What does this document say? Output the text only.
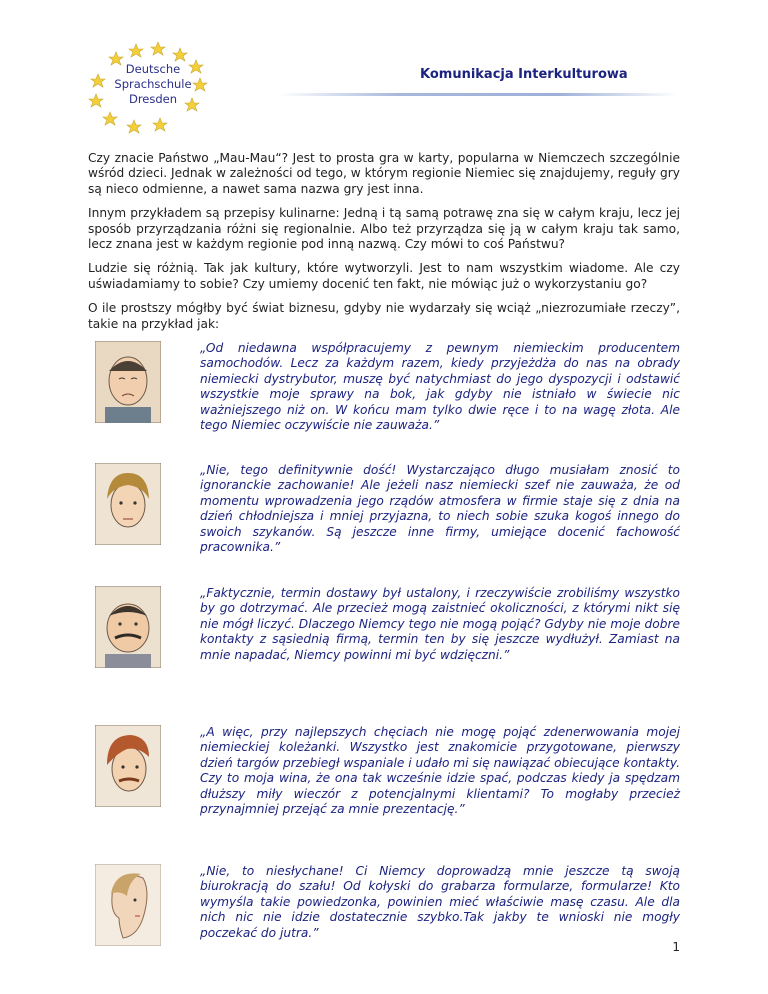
Deutsche
Sprachschule
Dresden
Komunikacja Interkulturowa

Czy znacie Państwo „Mau-Mau“? Jest to prosta gra w karty, popularna w Niemczech szczególnie wśród dzieci. Jednak w zależności od tego, w którym regionie Niemiec się znajdujemy, reguły gry są nieco odmienne, a nawet sama nazwa gry jest inna.

Innym przykładem są przepisy kulinarne: Jedną i tą samą potrawę zna się w całym kraju, lecz jej sposób przyrządzania różni się regionalnie. Albo też przyrządza się ją w całym kraju tak samo, lecz znana jest w każdym regionie pod inną nazwą. Czy mówi to coś Państwu?

Ludzie się różnią. Tak jak kultury, które wytworzyli. Jest to nam wszystkim wiadome. Ale czy uświadamiamy to sobie? Czy umiemy docenić ten fakt, nie mówiąc już o wykorzystaniu go?

O ile prostszy mógłby być świat biznesu, gdyby nie wydarzały się wciąż „niezrozumiałe rzeczy”, takie na przykład jak:

„Od niedawna współpracujemy z pewnym niemieckim producentem samochodów. Lecz za każdym razem, kiedy przyjeżdża do nas na obrady niemiecki dystrybutor, muszę być natychmiast do jego dyspozycji i odstawić wszystkie moje sprawy na bok, jak gdyby nie istniało w świecie nic ważniejszego niż on. W końcu mam tylko dwie ręce i to na wagę złota. Ale tego Niemiec oczywiście nie zauważa.”

„Nie, tego definitywnie dość! Wystarczająco długo musiałam znosić to ignoranckie zachowanie! Ale jeżeli nasz niemiecki szef nie zauważa, że od momentu wprowadzenia jego rządów atmosfera w firmie staje się z dnia na dzień chłodniejsza i mniej przyjazna, to niech sobie szuka kogoś innego do swoich szykanów. Są jeszcze inne firmy, umiejące docenić fachowość pracownika.”

„Faktycznie, termin dostawy był ustalony, i rzeczywiście zrobiliśmy wszystko by go dotrzymać. Ale przecież mogą zaistnieć okoliczności, z którymi nikt się nie mógł liczyć. Dlaczego Niemcy tego nie mogą pojąć? Gdyby nie moje dobre kontakty z sąsiednią firmą, termin ten by się jeszcze wydłużył. Zamiast na mnie napadać, Niemcy powinni mi być wdzięczni.”

„A więc, przy najlepszych chęciach nie mogę pojąć zdenerwowania mojej niemieckiej koleżanki. Wszystko jest znakomicie przygotowane, pierwszy dzień targów przebiegł wspaniale i udało mi się nawiązać obiecujące kontakty. Czy to moja wina, że ona tak wcześnie idzie spać, podczas kiedy ja spędzam dłuższy miły wieczór z potencjalnymi klientami? To mogłaby przecież przynajmniej przejąć za mnie prezentację.”

„Nie, to niesłychane! Ci Niemcy doprowadzą mnie jeszcze tą swoją biurokracją do szału! Od kołyski do grabarza formularze, formularze! Kto wymyśla takie powiedzonka, powinien mieć właściwie masę czasu. Ale dla nich nic nie idzie dostatecznie szybko.Tak jakby te wnioski nie mogły poczekać do jutra.”

1
